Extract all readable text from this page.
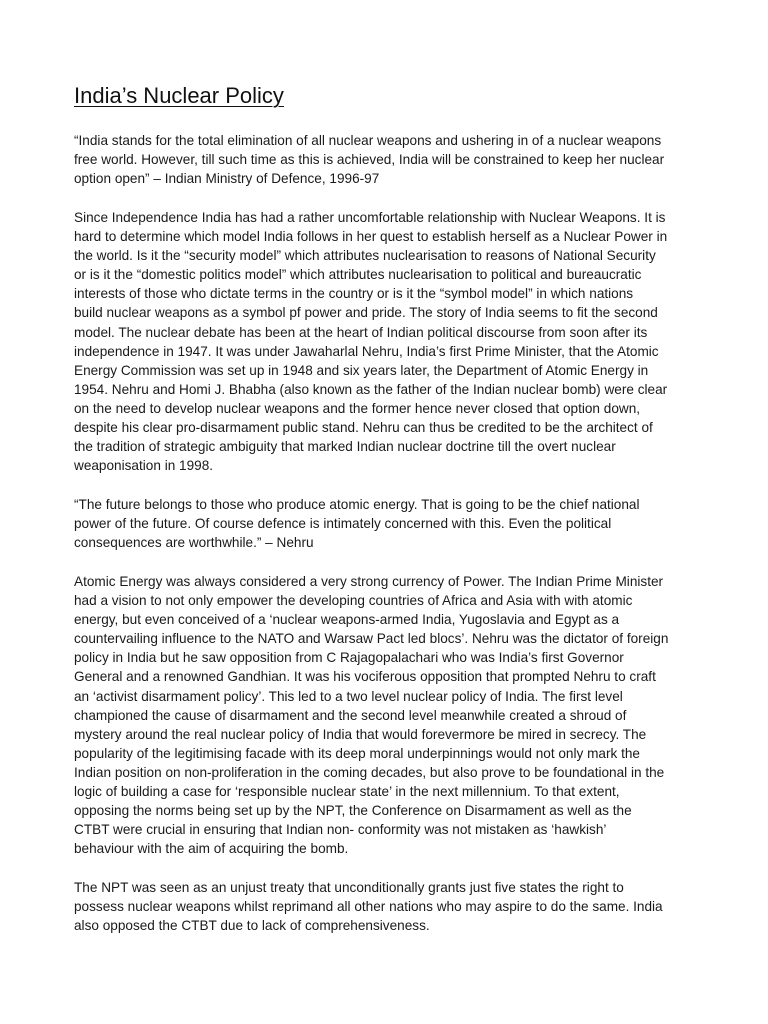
India’s Nuclear Policy

“India stands for the total elimination of all nuclear weapons and ushering in of a nuclear weapons
free world. However, till such time as this is achieved, India will be constrained to keep her nuclear
option open” – Indian Ministry of Defence, 1996-97

Since Independence India has had a rather uncomfortable relationship with Nuclear Weapons. It is
hard to determine which model India follows in her quest to establish herself as a Nuclear Power in
the world. Is it the “security model” which attributes nuclearisation to reasons of National Security
or is it the “domestic politics model” which attributes nuclearisation to political and bureaucratic
interests of those who dictate terms in the country or is it the “symbol model” in which nations
build nuclear weapons as a symbol pf power and pride. The story of India seems to fit the second
model. The nuclear debate has been at the heart of Indian political discourse from soon after its
independence in 1947. It was under Jawaharlal Nehru, India’s first Prime Minister, that the Atomic
Energy Commission was set up in 1948 and six years later, the Department of Atomic Energy in
1954. Nehru and Homi J. Bhabha (also known as the father of the Indian nuclear bomb) were clear
on the need to develop nuclear weapons and the former hence never closed that option down,
despite his clear pro-disarmament public stand. Nehru can thus be credited to be the architect of
the tradition of strategic ambiguity that marked Indian nuclear doctrine till the overt nuclear
weaponisation in 1998.

“The future belongs to those who produce atomic energy. That is going to be the chief national
power of the future. Of course defence is intimately concerned with this. Even the political
consequences are worthwhile.” – Nehru

Atomic Energy was always considered a very strong currency of Power. The Indian Prime Minister
had a vision to not only empower the developing countries of Africa and Asia with with atomic
energy, but even conceived of a ‘nuclear weapons-armed India, Yugoslavia and Egypt as a
countervailing influence to the NATO and Warsaw Pact led blocs’. Nehru was the dictator of foreign
policy in India but he saw opposition from C Rajagopalachari who was India’s first Governor
General and a renowned Gandhian. It was his vociferous opposition that prompted Nehru to craft
an ‘activist disarmament policy’. This led to a two level nuclear policy of India. The first level
championed the cause of disarmament and the second level meanwhile created a shroud of
mystery around the real nuclear policy of India that would forevermore be mired in secrecy. The
popularity of the legitimising facade with its deep moral underpinnings would not only mark the
Indian position on non-proliferation in the coming decades, but also prove to be foundational in the
logic of building a case for ‘responsible nuclear state’ in the next millennium. To that extent,
opposing the norms being set up by the NPT, the Conference on Disarmament as well as the
CTBT were crucial in ensuring that Indian non- conformity was not mistaken as ‘hawkish’
behaviour with the aim of acquiring the bomb.

The NPT was seen as an unjust treaty that unconditionally grants just five states the right to
possess nuclear weapons whilst reprimand all other nations who may aspire to do the same. India
also opposed the CTBT due to lack of comprehensiveness.
